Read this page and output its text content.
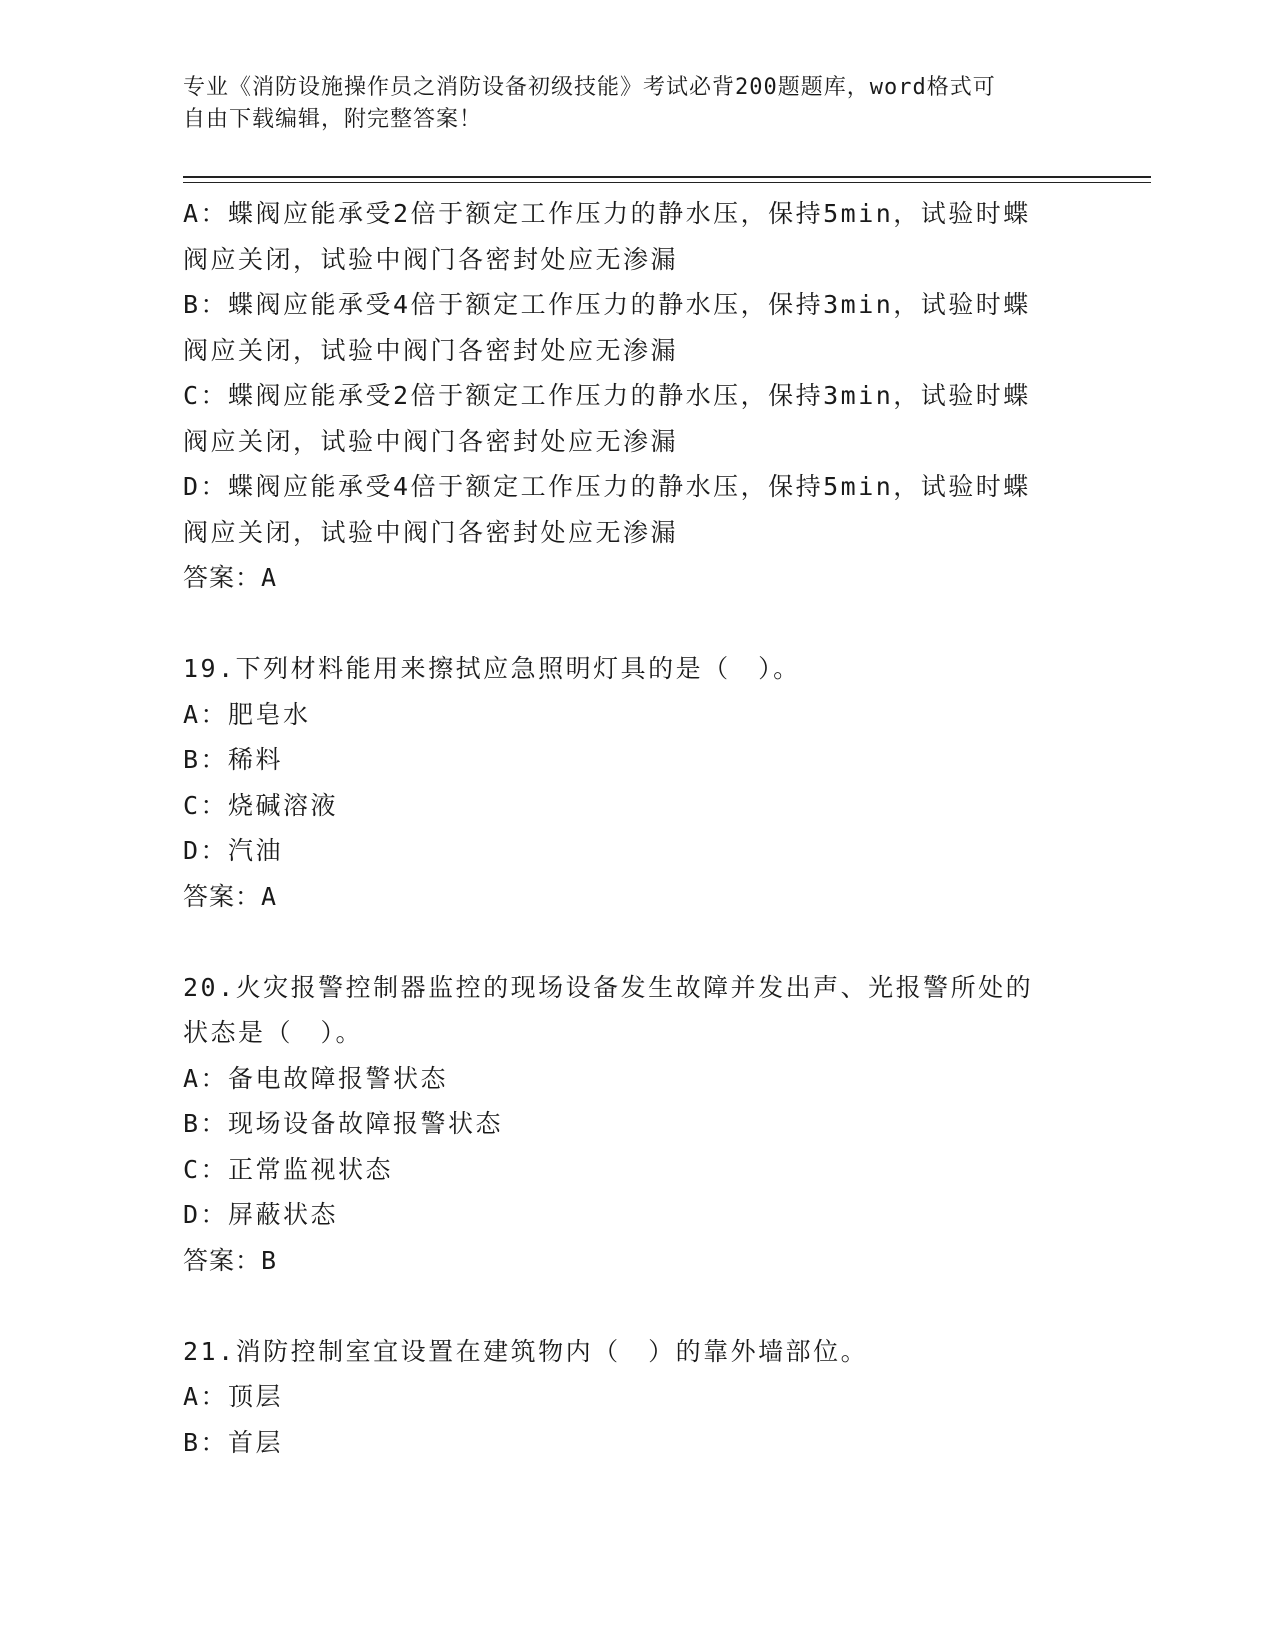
专业《消防设施操作员之消防设备初级技能》考试必背200题题库，word格式可
自由下载编辑，附完整答案！
A：蝶阀应能承受2倍于额定工作压力的静水压，保持5min，试验时蝶
阀应关闭，试验中阀门各密封处应无渗漏
B：蝶阀应能承受4倍于额定工作压力的静水压，保持3min，试验时蝶
阀应关闭，试验中阀门各密封处应无渗漏
C：蝶阀应能承受2倍于额定工作压力的静水压，保持3min，试验时蝶
阀应关闭，试验中阀门各密封处应无渗漏
D：蝶阀应能承受4倍于额定工作压力的静水压，保持5min，试验时蝶
阀应关闭，试验中阀门各密封处应无渗漏
答案：A
19.下列材料能用来擦拭应急照明灯具的是（　）。
A：肥皂水
B：稀料
C：烧碱溶液
D：汽油
答案：A
20.火灾报警控制器监控的现场设备发生故障并发出声、光报警所处的
状态是（　）。
A：备电故障报警状态
B：现场设备故障报警状态
C：正常监视状态
D：屏蔽状态
答案：B
21.消防控制室宜设置在建筑物内（　）的靠外墙部位。
A：顶层
B：首层
